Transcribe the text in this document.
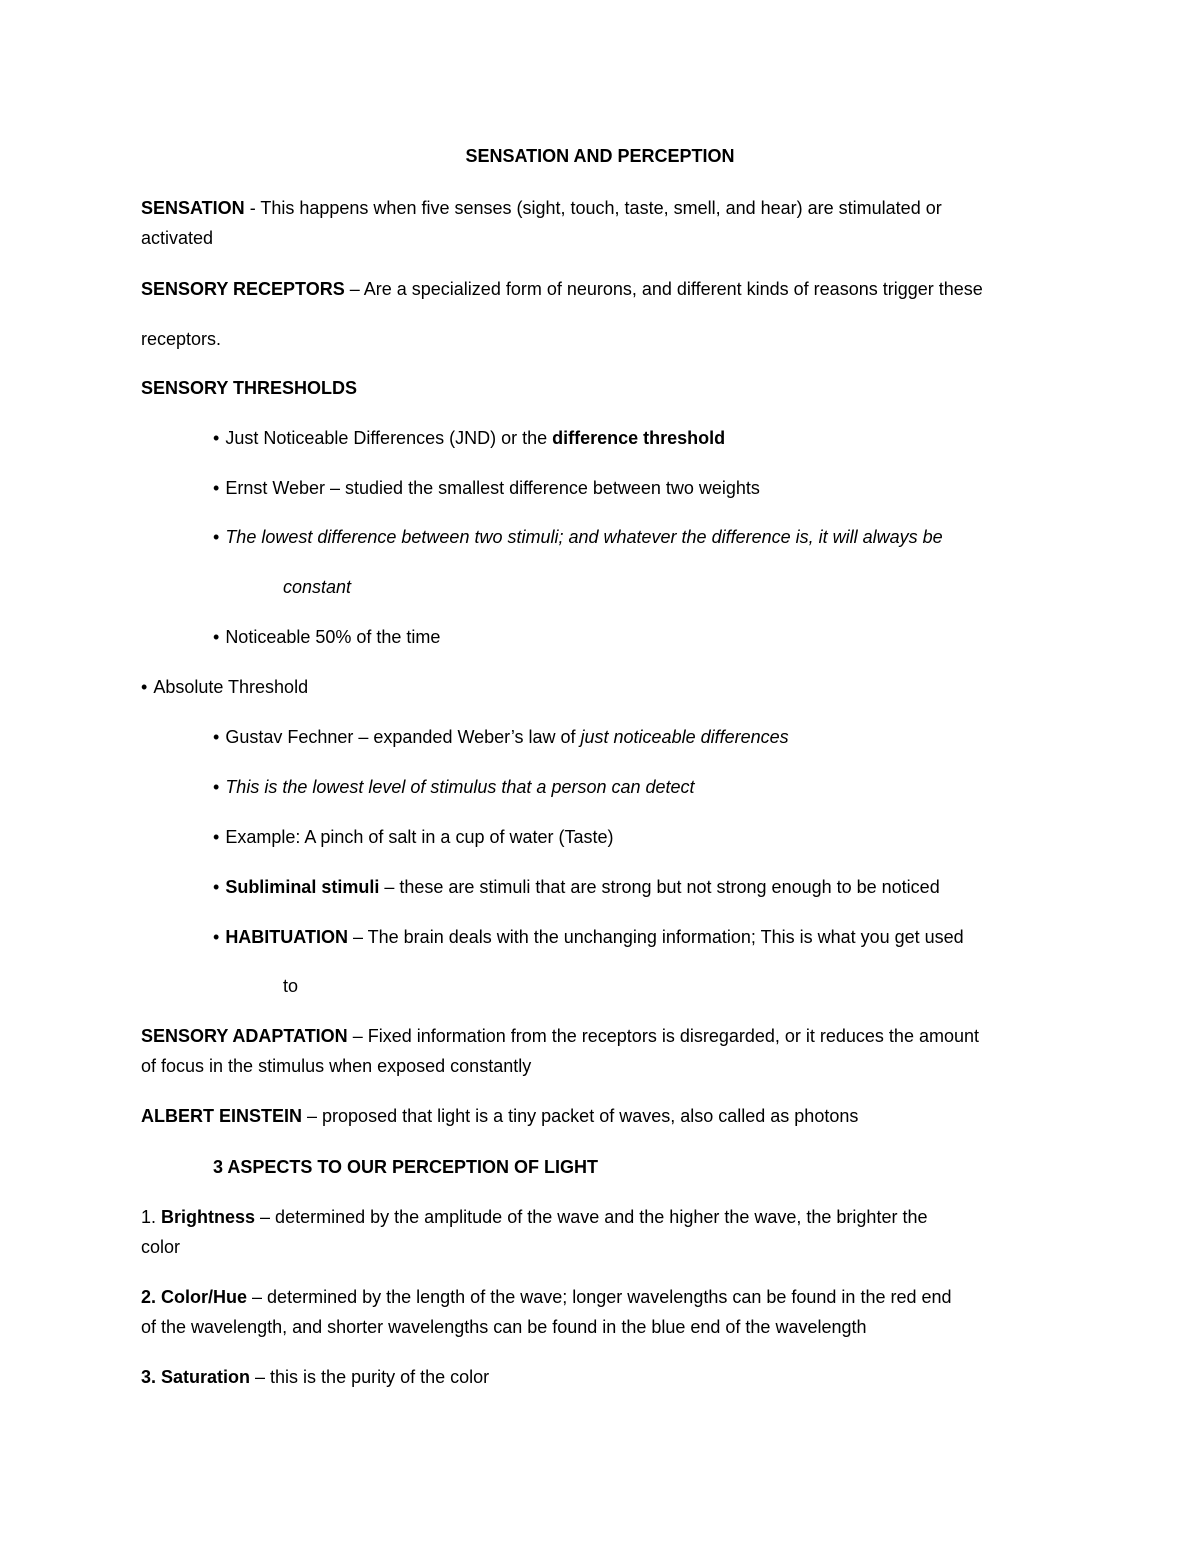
SENSATION AND PERCEPTION
SENSATION - This happens when five senses (sight, touch, taste, smell, and hear) are stimulated or
activated
SENSORY RECEPTORS – Are a specialized form of neurons, and different kinds of reasons trigger these
receptors.
SENSORY THRESHOLDS
• Just Noticeable Differences (JND) or the difference threshold
• Ernst Weber – studied the smallest difference between two weights
• The lowest difference between two stimuli; and whatever the difference is, it will always be
constant
• Noticeable 50% of the time
• Absolute Threshold
• Gustav Fechner – expanded Weber’s law of just noticeable differences
• This is the lowest level of stimulus that a person can detect
• Example: A pinch of salt in a cup of water (Taste)
• Subliminal stimuli – these are stimuli that are strong but not strong enough to be noticed
• HABITUATION – The brain deals with the unchanging information; This is what you get used
to
SENSORY ADAPTATION – Fixed information from the receptors is disregarded, or it reduces the amount
of focus in the stimulus when exposed constantly
ALBERT EINSTEIN – proposed that light is a tiny packet of waves, also called as photons
3 ASPECTS TO OUR PERCEPTION OF LIGHT
1. Brightness – determined by the amplitude of the wave and the higher the wave, the brighter the
color
2. Color/Hue – determined by the length of the wave; longer wavelengths can be found in the red end
of the wavelength, and shorter wavelengths can be found in the blue end of the wavelength
3. Saturation – this is the purity of the color
